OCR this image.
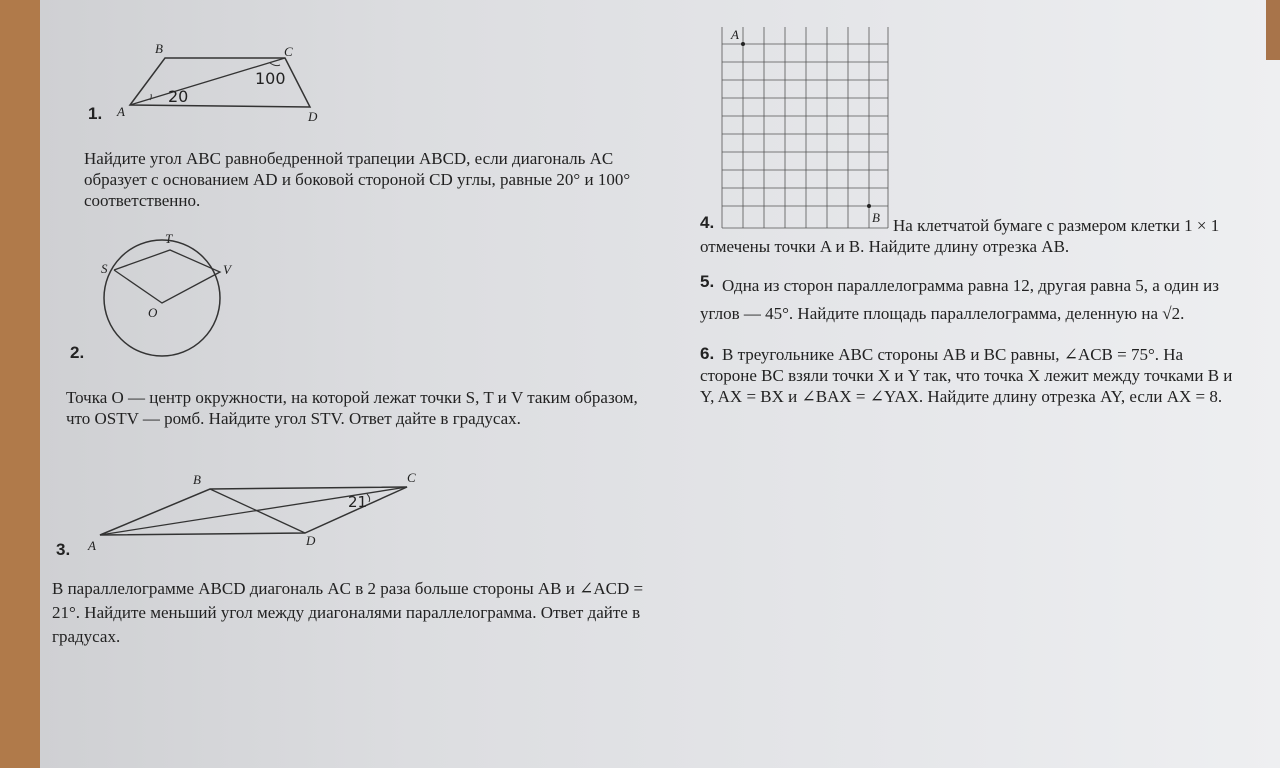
B	C
A	D
20
100
1.
Найдите угол ABC равнобедренной трапеции ABCD, если диагональ AC образует с основанием AD и боковой стороной CD углы, равные 20° и 100° соответственно.
T
S	V
O
2.
Точка O — центр окружности, на которой лежат точки S, T и V таким образом, что OSTV — ромб. Найдите угол STV. Ответ дайте в градусах.
B	C
A	D
21
3.
В параллелограмме ABCD диагональ AC в 2 раза больше стороны AB и ∠ACD = 21°. Найдите меньший угол между диагоналями параллелограмма. Ответ дайте в градусах.
A
B
4.	На клетчатой бумаге с размером клетки 1 × 1 отмечены точки A и B. Найдите длину отрезка AB.
5. Одна из сторон параллелограмма равна 12, другая равна 5, а один из углов — 45°. Найдите площадь параллелограмма, деленную на √2.
6. В треугольнике ABC стороны AB и BC равны, ∠ACB = 75°. На стороне BC взяли точки X и Y так, что точка X лежит между точками B и Y, AX = BX и ∠BAX = ∠YAX. Найдите длину отрезка AY, если AX = 8.
